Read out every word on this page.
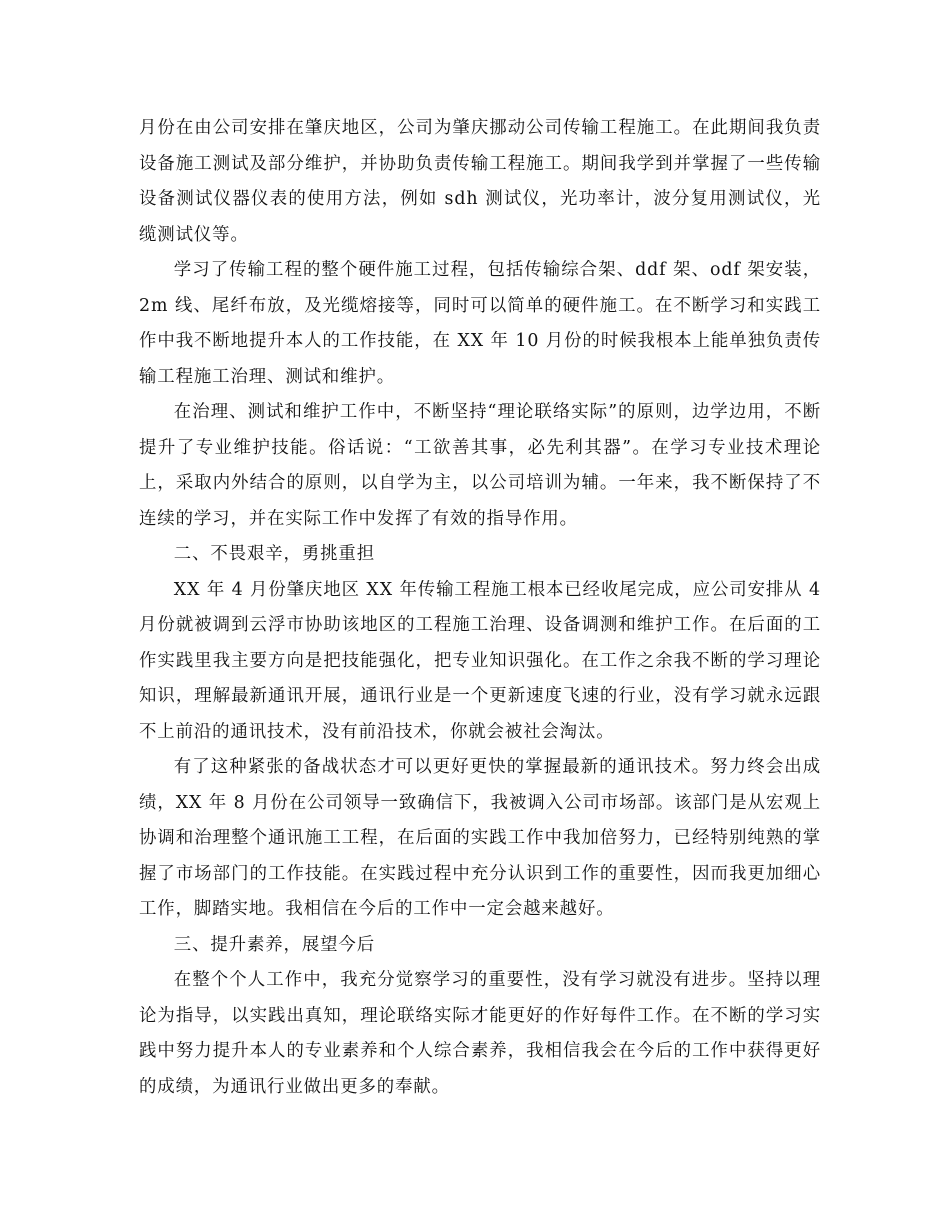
月份在由公司安排在肇庆地区，公司为肇庆挪动公司传输工程施工。在此期间我负责设备施工测试及部分维护，并协助负责传输工程施工。期间我学到并掌握了一些传输设备测试仪器仪表的使用方法，例如 sdh 测试仪，光功率计，波分复用测试仪，光缆测试仪等。

学习了传输工程的整个硬件施工过程，包括传输综合架、ddf 架、odf 架安装，2m 线、尾纤布放，及光缆熔接等，同时可以简单的硬件施工。在不断学习和实践工作中我不断地提升本人的工作技能，在 XX 年 10 月份的时候我根本上能单独负责传输工程施工治理、测试和维护。

在治理、测试和维护工作中，不断坚持“理论联络实际”的原则，边学边用，不断提升了专业维护技能。俗话说：“工欲善其事，必先利其器”。在学习专业技术理论上，采取内外结合的原则，以自学为主，以公司培训为辅。一年来，我不断保持了不连续的学习，并在实际工作中发挥了有效的指导作用。

二、不畏艰辛，勇挑重担

XX 年 4 月份肇庆地区 XX 年传输工程施工根本已经收尾完成，应公司安排从 4 月份就被调到云浮市协助该地区的工程施工治理、设备调测和维护工作。在后面的工作实践里我主要方向是把技能强化，把专业知识强化。在工作之余我不断的学习理论知识，理解最新通讯开展，通讯行业是一个更新速度飞速的行业，没有学习就永远跟不上前沿的通讯技术，没有前沿技术，你就会被社会淘汰。

有了这种紧张的备战状态才可以更好更快的掌握最新的通讯技术。努力终会出成绩，XX 年 8 月份在公司领导一致确信下，我被调入公司市场部。该部门是从宏观上协调和治理整个通讯施工工程，在后面的实践工作中我加倍努力，已经特别纯熟的掌握了市场部门的工作技能。在实践过程中充分认识到工作的重要性，因而我更加细心工作，脚踏实地。我相信在今后的工作中一定会越来越好。

三、提升素养，展望今后

在整个个人工作中，我充分觉察学习的重要性，没有学习就没有进步。坚持以理论为指导，以实践出真知，理论联络实际才能更好的作好每件工作。在不断的学习实践中努力提升本人的专业素养和个人综合素养，我相信我会在今后的工作中获得更好的成绩，为通讯行业做出更多的奉献。
